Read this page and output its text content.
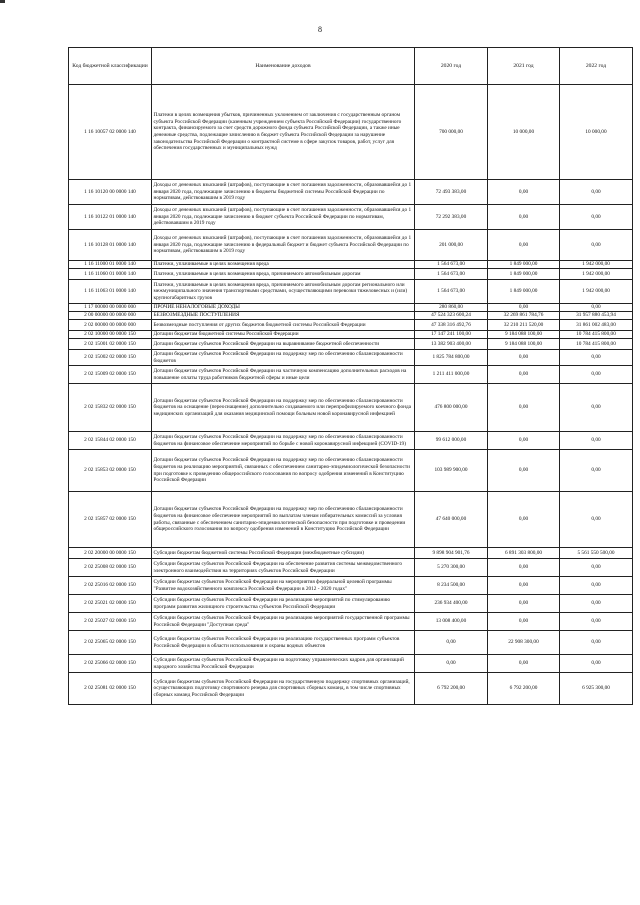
8
Код бюджетной классификации	Наименование доходов	2020 год	2021 год	2022 год
1 16 10057 02 0000 140	Платежи в целях возмещения убытков, причиненных уклонением от заключения с государственным органом субъекта Российской Федерации (казенным учреждением субъекта Российской Федерации) государственного контракта, финансируемого за счет средств дорожного фонда субъекта Российской Федерации, а также иные денежные средства, подлежащие зачислению в бюджет субъекта Российской Федерации за нарушение законодательства Российской Федерации о контрактной системе в сфере закупок товаров, работ, услуг для обеспечения государственных и муниципальных нужд	700 000,00	10 000,00	10 000,00
1 16 10120 00 0000 140	Доходы от денежных взысканий (штрафов), поступающие в счет погашения задолженности, образовавшейся до 1 января 2020 года, подлежащие зачислению в бюджеты бюджетной системы Российской Федерации по нормативам, действовавшим в 2019 году	72 493 383,00	0,00	0,00
1 16 10122 01 0000 140	Доходы от денежных взысканий (штрафов), поступающие в счет погашения задолженности, образовавшейся до 1 января 2020 года, подлежащие зачислению в бюджет субъекта Российской Федерации по нормативам, действовавшим в 2019 году	72 292 383,00	0,00	0,00
1 16 10128 01 0000 140	Доходы от денежных взысканий (штрафов), поступающие в счет погашения задолженности, образовавшейся до 1 января 2020 года, подлежащие зачислению в федеральный бюджет и бюджет субъекта Российской Федерации по нормативам, действовавшим в 2019 году	201 000,00	0,00	0,00
1 16 11000 01 0000 140	Платежи, уплачиваемые в целях возмещения вреда	1 564 673,00	1 849 000,00	1 942 000,00
1 16 11060 01 0000 140	Платежи, уплачиваемые в целях возмещения вреда, причиняемого автомобильным дорогам	1 564 673,00	1 849 000,00	1 942 000,00
1 16 11063 01 0000 140	Платежи, уплачиваемые в целях возмещения вреда, причиняемого автомобильным дорогам регионального или межмуниципального значения транспортными средствами, осуществляющими перевозки тяжеловесных и (или) крупногабаритных грузов	1 564 673,00	1 849 000,00	1 942 000,00
1 17 00000 00 0000 000	ПРОЧИЕ НЕНАЛОГОВЫЕ ДОХОДЫ	280 860,00	0,00	0,00
2 00 00000 00 0000 000	БЕЗВОЗМЕЗДНЫЕ ПОСТУПЛЕНИЯ	47 524 323 600,24	32 269 861 784,76	31 957 880 453,94
2 02 00000 00 0000 000	Безвозмездные поступления от других бюджетов бюджетной системы Российской Федерации	47 338 316 492,76	32 210 211 520,00	31 861 002 483,00
2 02 10000 00 0000 150	Дотации бюджетам бюджетной системы Российской Федерации	17 147 241 100,00	9 184 088 100,00	10 784 415 800,00
2 02 15001 02 0000 150	Дотации бюджетам субъектов Российской Федерации на выравнивание бюджетной обеспеченности	13 382 903 400,00	9 184 088 100,00	10 784 415 800,00
2 02 15002 02 0000 150	Дотации бюджетам субъектов Российской Федерации на поддержку мер по обеспечению сбалансированности бюджетов	1 825 784 800,00	0,00	0,00
2 02 15009 02 0000 150	Дотации бюджетам субъектов Российской Федерации на частичную компенсацию дополнительных расходов на повышение оплаты труда работников бюджетной сферы и иные цели	1 211 411 000,00	0,00	0,00
2 02 15832 02 0000 150	Дотации бюджетам субъектов Российской Федерации на поддержку мер по обеспечению сбалансированности бюджетов на оснащение (переоснащение) дополнительно создаваемого или перепрофилируемого коечного фонда медицинских организаций для оказания медицинской помощи больным новой коронавирусной инфекцией	476 800 000,00	0,00	0,00
2 02 15844 02 0000 150	Дотации бюджетам субъектов Российской Федерации на поддержку мер по обеспечению сбалансированности бюджетов на финансовое обеспечение мероприятий по борьбе с новой коронавирусной инфекцией (COVID-19)	99 612 000,00	0,00	0,00
2 02 15853 02 0000 150	Дотации бюджетам субъектов Российской Федерации на поддержку мер по обеспечению сбалансированности бюджетов на реализацию мероприятий, связанных с обеспечением санитарно-эпидемиологической безопасности при подготовке к проведению общероссийского голосования по вопросу одобрения изменений в Конституцию Российской Федерации	103 989 900,00	0,00	0,00
2 02 15857 02 0000 150	Дотации бюджетам субъектов Российской Федерации на поддержку мер по обеспечению сбалансированности бюджетов на финансовое обеспечение мероприятий по выплатам членам избирательных комиссий за условия работы, связанные с обеспечением санитарно-эпидемиологической безопасности при подготовке и проведении общероссийского голосования по вопросу одобрения изменений в Конституцию Российской Федерации	47 640 000,00	0,00	0,00
2 02 20000 00 0000 150	Субсидии бюджетам бюджетной системы Российской Федерации (межбюджетные субсидии)	9 898 904 901,76	6 891 303 800,00	5 561 550 500,00
2 02 25008 02 0000 150	Субсидии бюджетам субъектов Российской Федерации на обеспечение развития системы межведомственного электронного взаимодействия на территориях субъектов Российской Федерации	5 270 300,00	0,00	0,00
2 02 25016 02 0000 150	Субсидии бюджетам субъектов Российской Федерации на мероприятия федеральной целевой программы "Развитие водохозяйственного комплекса Российской Федерации в 2012 - 2020 годах"	8 234 500,00	0,00	0,00
2 02 25021 02 0000 150	Субсидии бюджетам субъектов Российской Федерации на реализацию мероприятий по стимулированию программ развития жилищного строительства субъектов Российской Федерации	236 934 400,00	0,00	0,00
2 02 25027 02 0000 150	Субсидии бюджетам субъектов Российской Федерации на реализацию мероприятий государственной программы Российской Федерации "Доступная среда"	13 008 400,00	0,00	0,00
2 02 25065 02 0000 150	Субсидии бюджетам субъектов Российской Федерации на реализацию государственных программ субъектов Российской Федерации в области использования и охраны водных объектов	0,00	22 908 300,00	0,00
2 02 25066 02 0000 150	Субсидии бюджетам субъектов Российской Федерации на подготовку управленческих кадров для организаций народного хозяйства Российской Федерации	0,00	0,00	0,00
2 02 25081 02 0000 150	Субсидии бюджетам субъектов Российской Федерации на государственную поддержку спортивных организаций, осуществляющих подготовку спортивного резерва для спортивных сборных команд, в том числе спортивных сборных команд Российской Федерации	6 792 200,00	6 792 200,00	6 925 300,00
